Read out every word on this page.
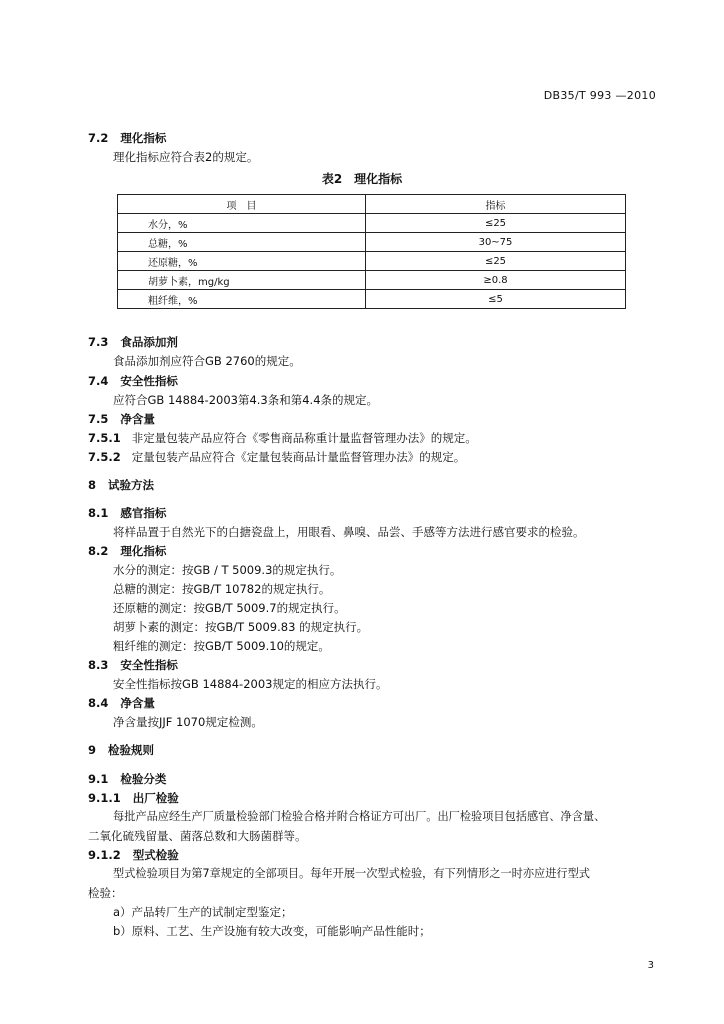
DB35/T 993 —2010
7.2 理化指标
理化指标应符合表2的规定。
表2　理化指标
项　目	指标
水分，%	≤25
总糖，%	30~75
还原糖，%	≤25
胡萝卜素，mg/kg	≥0.8
粗纤维，%	≤5
7.3 食品添加剂
食品添加剂应符合GB 2760的规定。
7.4 安全性指标
应符合GB 14884-2003第4.3条和第4.4条的规定。
7.5 净含量
7.5.1 非定量包装产品应符合《零售商品称重计量监督管理办法》的规定。
7.5.2 定量包装产品应符合《定量包装商品计量监督管理办法》的规定。
8 试验方法
8.1 感官指标
将样品置于自然光下的白搪瓷盘上，用眼看、鼻嗅、品尝、手感等方法进行感官要求的检验。
8.2 理化指标
水分的测定：按GB / T 5009.3的规定执行。
总糖的测定：按GB/T 10782的规定执行。
还原糖的测定：按GB/T 5009.7的规定执行。
胡萝卜素的测定：按GB/T 5009.83 的规定执行。
粗纤维的测定：按GB/T 5009.10的规定。
8.3 安全性指标
安全性指标按GB 14884-2003规定的相应方法执行。
8.4 净含量
净含量按JJF 1070规定检测。
9 检验规则
9.1 检验分类
9.1.1 出厂检验
每批产品应经生产厂质量检验部门检验合格并附合格证方可出厂。出厂检验项目包括感官、净含量、
二氧化硫残留量、菌落总数和大肠菌群等。
9.1.2 型式检验
型式检验项目为第7章规定的全部项目。每年开展一次型式检验，有下列情形之一时亦应进行型式
检验：
a）产品转厂生产的试制定型鉴定；
b）原料、工艺、生产设施有较大改变，可能影响产品性能时；
3
